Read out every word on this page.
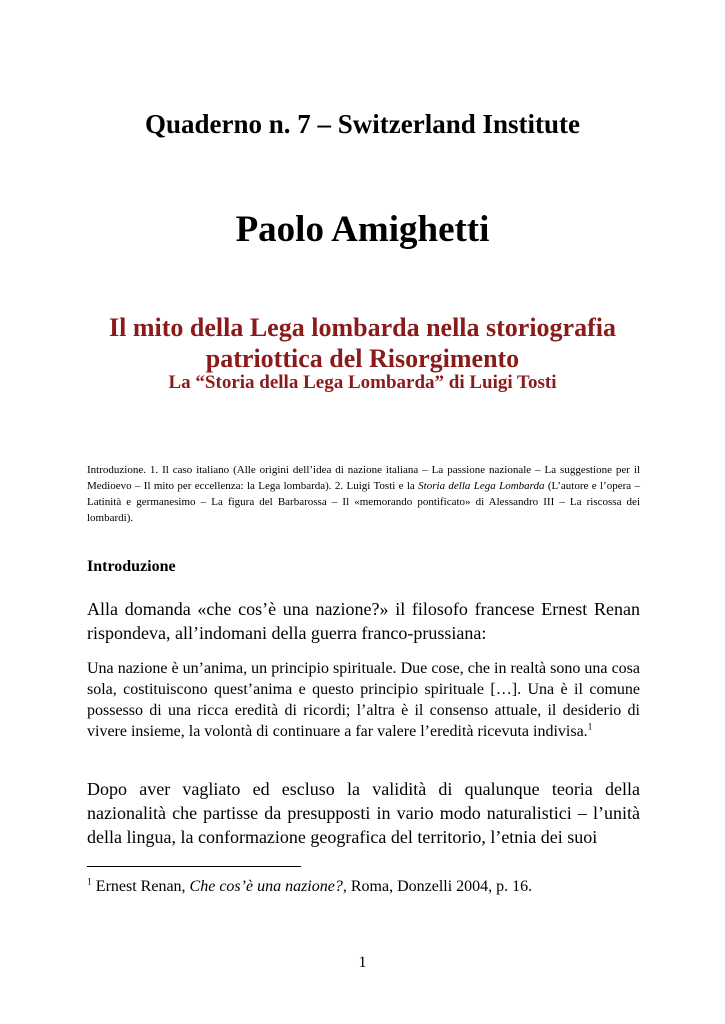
Quaderno n. 7 – Switzerland Institute
Paolo Amighetti
Il mito della Lega lombarda nella storiografia
patriottica del Risorgimento
La “Storia della Lega Lombarda” di Luigi Tosti
Introduzione. 1. Il caso italiano (Alle origini dell’idea di nazione italiana – La passione nazionale – La suggestione per il Medioevo – Il mito per eccellenza: la Lega lombarda). 2. Luigi Tosti e la Storia della Lega Lombarda (L’autore e l’opera – Latinità e germanesimo – La figura del Barbarossa – Il «memorando pontificato» di Alessandro III – La riscossa dei lombardi).
Introduzione

Alla domanda «che cos’è una nazione?» il filosofo francese Ernest Renan rispondeva, all’indomani della guerra franco-prussiana:

Una nazione è un’anima, un principio spirituale. Due cose, che in realtà sono una cosa sola, costituiscono quest’anima e questo principio spirituale […]. Una è il comune possesso di una ricca eredità di ricordi; l’altra è il consenso attuale, il desiderio di vivere insieme, la volontà di continuare a far valere l’eredità ricevuta indivisa.$^1$

Dopo aver vagliato ed escluso la validità di qualunque teoria della nazionalità che partisse da presupposti in vario modo naturalistici – l’unità della lingua, la conformazione geografica del territorio, l’etnia dei suoi

$^1$ Ernest Renan, Che cos’è una nazione?, Roma, Donzelli 2004, p. 16.
1
